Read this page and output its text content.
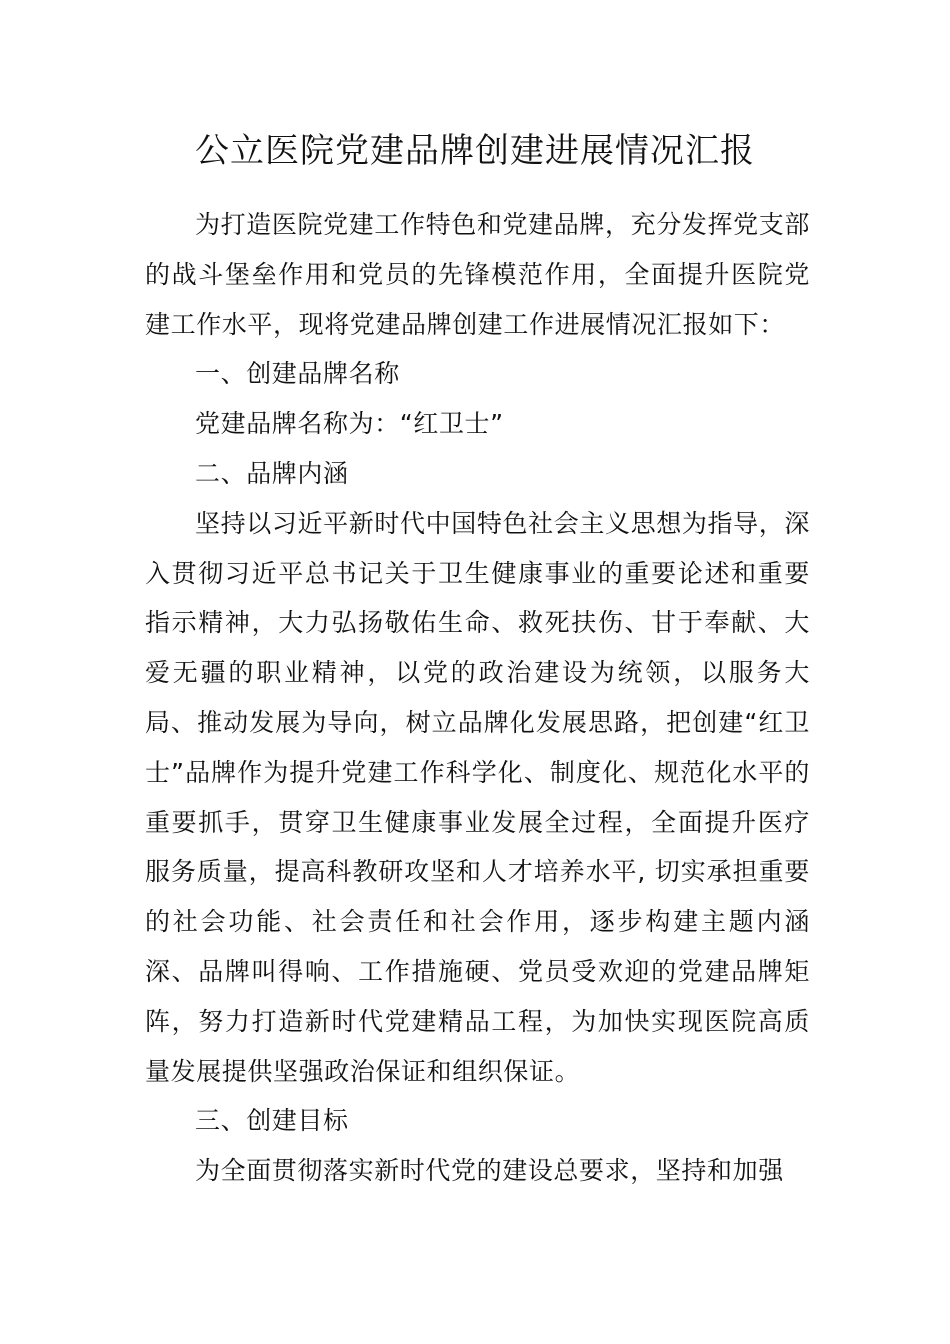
公立医院党建品牌创建进展情况汇报

为打造医院党建工作特色和党建品牌，充分发挥党支部的战斗堡垒作用和党员的先锋模范作用，全面提升医院党建工作水平，现将党建品牌创建工作进展情况汇报如下：

一、创建品牌名称

党建品牌名称为：“红卫士”

二、品牌内涵

坚持以习近平新时代中国特色社会主义思想为指导，深入贯彻习近平总书记关于卫生健康事业的重要论述和重要指示精神，大力弘扬敬佑生命、救死扶伤、甘于奉献、大爱无疆的职业精神，以党的政治建设为统领，以服务大局、推动发展为导向，树立品牌化发展思路，把创建“红卫士”品牌作为提升党建工作科学化、制度化、规范化水平的重要抓手，贯穿卫生健康事业发展全过程，全面提升医疗服务质量，提高科教研攻坚和人才培养水平, 切实承担重要的社会功能、社会责任和社会作用，逐步构建主题内涵深、品牌叫得响、工作措施硬、党员受欢迎的党建品牌矩阵，努力打造新时代党建精品工程，为加快实现医院高质量发展提供坚强政治保证和组织保证。

三、创建目标

为全面贯彻落实新时代党的建设总要求，坚持和加强
